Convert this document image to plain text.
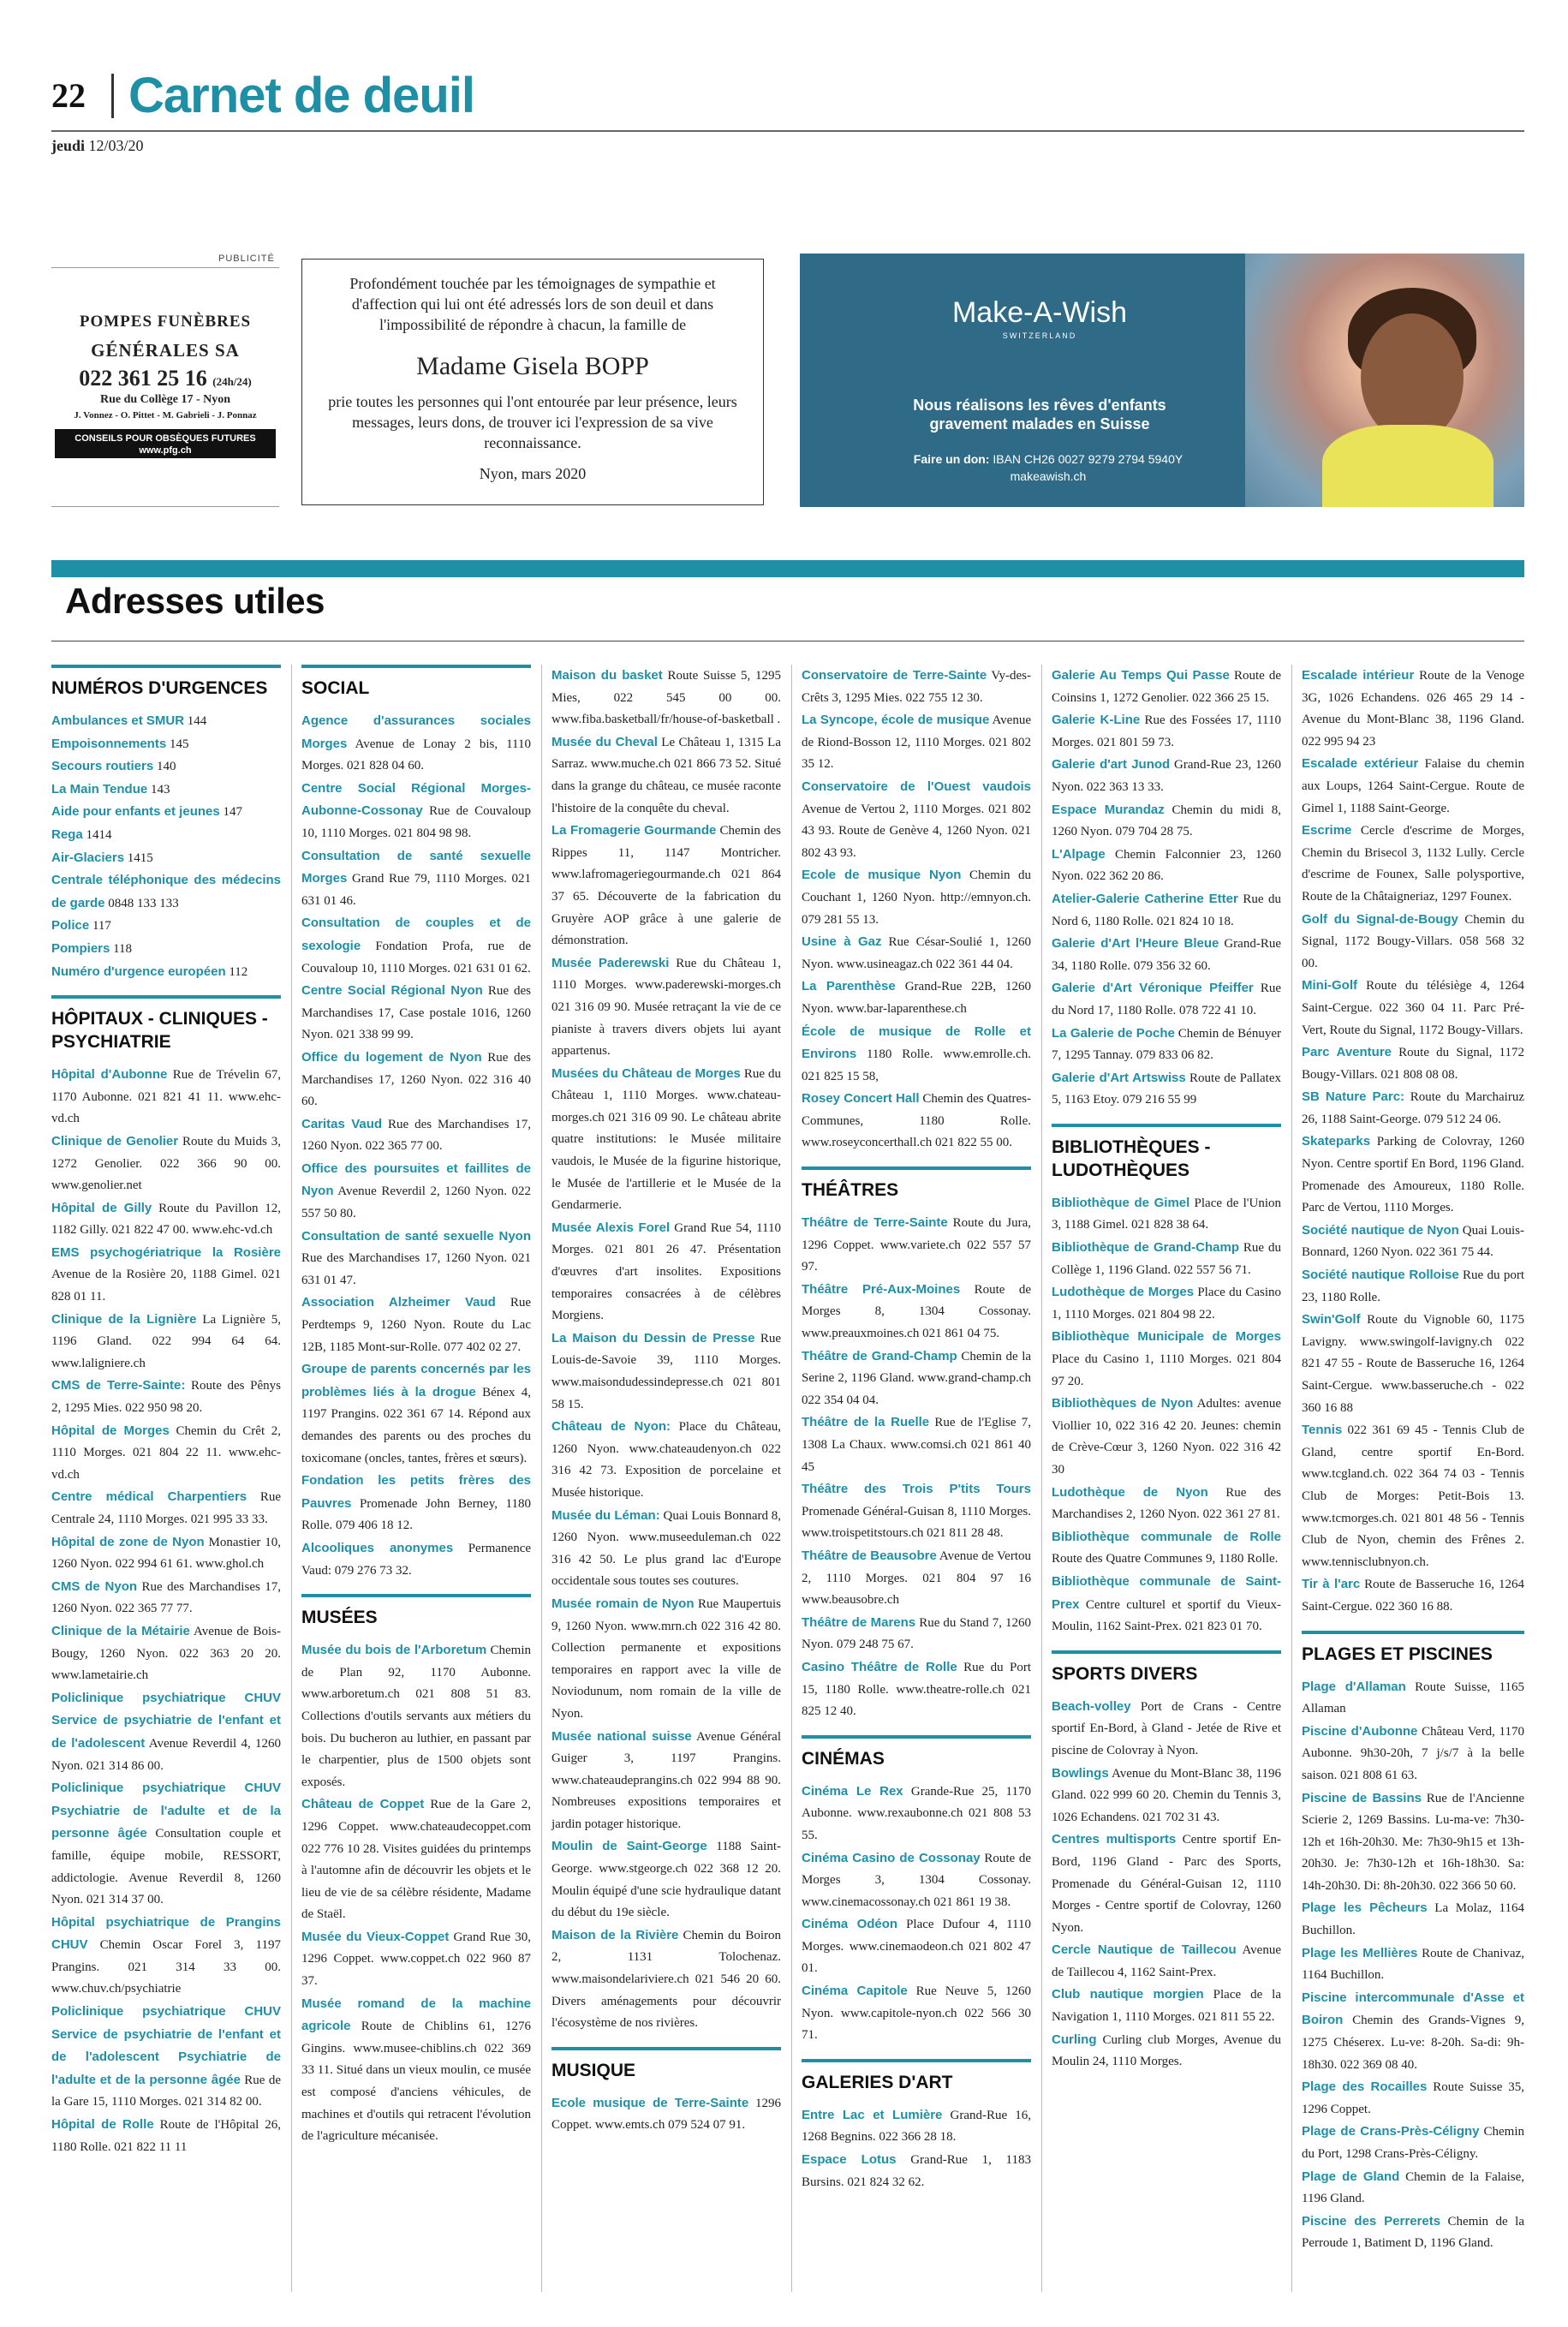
22 Carnet de deuil
jeudi 12/03/20
PUBLICITÉ
POMPES FUNÈBRES
GÉNÉRALES SA
022 361 25 16 (24h/24)
Rue du Collège 17 - Nyon
J. Vonnez - O. Pittet - M. Gabrieli - J. Ponnaz
CONSEILS POUR OBSÈQUES FUTURES
www.pfg.ch
Profondément touchée par les témoignages de sympathie et d'affection qui lui ont été adressés lors de son deuil et dans l'impossibilité de répondre à chacun, la famille de
Madame Gisela BOPP
prie toutes les personnes qui l'ont entourée par leur présence, leurs messages, leurs dons, de trouver ici l'expression de sa vive reconnaissance.
Nyon, mars 2020
Make-A-Wish
SWITZERLAND
Nous réalisons les rêves d'enfants gravement malades en Suisse
Faire un don: IBAN CH26 0027 9279 2794 5940Y
makeawish.ch
Adresses utiles
NUMÉROS D'URGENCES
Ambulances et SMUR 144
Empoisonnements 145
Secours routiers 140
La Main Tendue 143
Aide pour enfants et jeunes 147
Rega 1414
Air-Glaciers 1415
Centrale téléphonique des médecins de garde 0848 133 133
Police 117
Pompiers 118
Numéro d'urgence européen 112
HÔPITAUX - CLINIQUES - PSYCHIATRIE
Hôpital d'Aubonne Rue de Trévelin 67, 1170 Aubonne. 021 821 41 11. www.ehc-vd.ch
Clinique de Genolier Route du Muids 3, 1272 Genolier. 022 366 90 00. www.genolier.net
Hôpital de Gilly Route du Pavillon 12, 1182 Gilly. 021 822 47 00. www.ehc-vd.ch
EMS psychogériatrique la Rosière Avenue de la Rosière 20, 1188 Gimel. 021 828 01 11.
Clinique de la Lignière La Lignière 5, 1196 Gland. 022 994 64 64. www.laligniere.ch
CMS de Terre-Sainte: Route des Pênys 2, 1295 Mies. 022 950 98 20.
Hôpital de Morges Chemin du Crêt 2, 1110 Morges. 021 804 22 11. www.ehc-vd.ch
Centre médical Charpentiers Rue Centrale 24, 1110 Morges. 021 995 33 33.
Hôpital de zone de Nyon Monastier 10, 1260 Nyon. 022 994 61 61. www.ghol.ch
CMS de Nyon Rue des Marchandises 17, 1260 Nyon. 022 365 77 77.
Clinique de la Métairie Avenue de Bois-Bougy, 1260 Nyon. 022 363 20 20. www.lametairie.ch
Policlinique psychiatrique CHUV Service de psychiatrie de l'enfant et de l'adolescent Avenue Reverdil 4, 1260 Nyon. 021 314 86 00.
Policlinique psychiatrique CHUV Psychiatrie de l'adulte et de la personne âgée Consultation couple et famille, équipe mobile, RESSORT, addictologie. Avenue Reverdil 8, 1260 Nyon. 021 314 37 00.
Hôpital psychiatrique de Prangins CHUV Chemin Oscar Forel 3, 1197 Prangins. 021 314 33 00. www.chuv.ch/psychiatrie
Policlinique psychiatrique CHUV Service de psychiatrie de l'enfant et de l'adolescent Psychiatrie de l'adulte et de la personne âgée Rue de la Gare 15, 1110 Morges. 021 314 82 00.
Hôpital de Rolle Route de l'Hôpital 26, 1180 Rolle. 021 822 11 11
SOCIAL
Agence d'assurances sociales Morges Avenue de Lonay 2 bis, 1110 Morges. 021 828 04 60.
Centre Social Régional Morges-Aubonne-Cossonay Rue de Couvaloup 10, 1110 Morges. 021 804 98 98.
Consultation de santé sexuelle Morges Grand Rue 79, 1110 Morges. 021 631 01 46.
Consultation de couples et de sexologie Fondation Profa, rue de Couvaloup 10, 1110 Morges. 021 631 01 62.
Centre Social Régional Nyon Rue des Marchandises 17, Case postale 1016, 1260 Nyon. 021 338 99 99.
Office du logement de Nyon Rue des Marchandises 17, 1260 Nyon. 022 316 40 60.
Caritas Vaud Rue des Marchandises 17, 1260 Nyon. 022 365 77 00.
Office des poursuites et faillites de Nyon Avenue Reverdil 2, 1260 Nyon. 022 557 50 80.
Consultation de santé sexuelle Nyon Rue des Marchandises 17, 1260 Nyon. 021 631 01 47.
Association Alzheimer Vaud Rue Perdtemps 9, 1260 Nyon. Route du Lac 12B, 1185 Mont-sur-Rolle. 077 402 02 27.
Groupe de parents concernés par les problèmes liés à la drogue Bénex 4, 1197 Prangins. 022 361 67 14. Répond aux demandes des parents ou des proches du toxicomane (oncles, tantes, frères et sœurs).
Fondation les petits frères des Pauvres Promenade John Berney, 1180 Rolle. 079 406 18 12.
Alcooliques anonymes Permanence Vaud: 079 276 73 32.
MUSÉES
Musée du bois de l'Arboretum Chemin de Plan 92, 1170 Aubonne. www.arboretum.ch 021 808 51 83. Collections d'outils servants aux métiers du bois. Du bucheron au luthier, en passant par le charpentier, plus de 1500 objets sont exposés.
Château de Coppet Rue de la Gare 2, 1296 Coppet. www.chateaudecoppet.com 022 776 10 28. Visites guidées du printemps à l'automne afin de découvrir les objets et le lieu de vie de sa célèbre résidente, Madame de Staël.
Musée du Vieux-Coppet Grand Rue 30, 1296 Coppet. www.coppet.ch 022 960 87 37.
Musée romand de la machine agricole Route de Chiblins 61, 1276 Gingins. www.musee-chiblins.ch 022 369 33 11. Situé dans un vieux moulin, ce musée est composé d'anciens véhicules, de machines et d'outils qui retracent l'évolution de l'agriculture mécanisée.
Maison du basket Route Suisse 5, 1295 Mies, 022 545 00 00. www.fiba.basketball/fr/house-of-basketball .
Musée du Cheval Le Château 1, 1315 La Sarraz. www.muche.ch 021 866 73 52. Situé dans la grange du château, ce musée raconte l'histoire de la conquête du cheval.
La Fromagerie Gourmande Chemin des Rippes 11, 1147 Montricher. www.lafromageriegourmande.ch 021 864 37 65. Découverte de la fabrication du Gruyère AOP grâce à une galerie de démonstration.
Musée Paderewski Rue du Château 1, 1110 Morges. www.paderewski-morges.ch 021 316 09 90. Musée retraçant la vie de ce pianiste à travers divers objets lui ayant appartenus.
Musées du Château de Morges Rue du Château 1, 1110 Morges. www.chateau-morges.ch 021 316 09 90. Le château abrite quatre institutions: le Musée militaire vaudois, le Musée de la figurine historique, le Musée de l'artillerie et le Musée de la Gendarmerie.
Musée Alexis Forel Grand Rue 54, 1110 Morges. 021 801 26 47. Présentation d'œuvres d'art insolites. Expositions temporaires consacrées à de célèbres Morgiens.
La Maison du Dessin de Presse Rue Louis-de-Savoie 39, 1110 Morges. www.maisondudessindepresse.ch 021 801 58 15.
Château de Nyon: Place du Château, 1260 Nyon. www.chateaudenyon.ch 022 316 42 73. Exposition de porcelaine et Musée historique.
Musée du Léman: Quai Louis Bonnard 8, 1260 Nyon. www.museeduleman.ch 022 316 42 50. Le plus grand lac d'Europe occidentale sous toutes ses coutures.
Musée romain de Nyon Rue Maupertuis 9, 1260 Nyon. www.mrn.ch 022 316 42 80. Collection permanente et expositions temporaires en rapport avec la ville de Noviodunum, nom romain de la ville de Nyon.
Musée national suisse Avenue Général Guiger 3, 1197 Prangins. www.chateaudeprangins.ch 022 994 88 90. Nombreuses expositions temporaires et jardin potager historique.
Moulin de Saint-George 1188 Saint-George. www.stgeorge.ch 022 368 12 20. Moulin équipé d'une scie hydraulique datant du début du 19e siècle.
Maison de la Rivière Chemin du Boiron 2, 1131 Tolochenaz. www.maisondelariviere.ch 021 546 20 60. Divers aménagements pour découvrir l'écosystème de nos rivières.
MUSIQUE
Ecole musique de Terre-Sainte 1296 Coppet. www.emts.ch 079 524 07 91.
Conservatoire de Terre-Sainte Vy-des-Crêts 3, 1295 Mies. 022 755 12 30.
La Syncope, école de musique Avenue de Riond-Bosson 12, 1110 Morges. 021 802 35 12.
Conservatoire de l'Ouest vaudois Avenue de Vertou 2, 1110 Morges. 021 802 43 93. Route de Genève 4, 1260 Nyon. 021 802 43 93.
Ecole de musique Nyon Chemin du Couchant 1, 1260 Nyon. http://emnyon.ch. 079 281 55 13.
Usine à Gaz Rue César-Soulié 1, 1260 Nyon. www.usineagaz.ch 022 361 44 04.
La Parenthèse Grand-Rue 22B, 1260 Nyon. www.bar-laparenthese.ch
École de musique de Rolle et Environs 1180 Rolle. www.emrolle.ch. 021 825 15 58,
Rosey Concert Hall Chemin des Quatres-Communes, 1180 Rolle. www.roseyconcerthall.ch 021 822 55 00.
THÉÂTRES
Théâtre de Terre-Sainte Route du Jura, 1296 Coppet. www.variete.ch 022 557 57 97.
Théâtre Pré-Aux-Moines Route de Morges 8, 1304 Cossonay. www.preauxmoines.ch 021 861 04 75.
Théâtre de Grand-Champ Chemin de la Serine 2, 1196 Gland. www.grand-champ.ch 022 354 04 04.
Théâtre de la Ruelle Rue de l'Eglise 7, 1308 La Chaux. www.comsi.ch 021 861 40 45
Théâtre des Trois P'tits Tours Promenade Général-Guisan 8, 1110 Morges. www.troispetitstours.ch 021 811 28 48.
Théâtre de Beausobre Avenue de Vertou 2, 1110 Morges. 021 804 97 16 www.beausobre.ch
Théâtre de Marens Rue du Stand 7, 1260 Nyon. 079 248 75 67.
Casino Théâtre de Rolle Rue du Port 15, 1180 Rolle. www.theatre-rolle.ch 021 825 12 40.
CINÉMAS
Cinéma Le Rex Grande-Rue 25, 1170 Aubonne. www.rexaubonne.ch 021 808 53 55.
Cinéma Casino de Cossonay Route de Morges 3, 1304 Cossonay. www.cinemacossonay.ch 021 861 19 38.
Cinéma Odéon Place Dufour 4, 1110 Morges. www.cinemaodeon.ch 021 802 47 01.
Cinéma Capitole Rue Neuve 5, 1260 Nyon. www.capitole-nyon.ch 022 566 30 71.
GALERIES D'ART
Entre Lac et Lumière Grand-Rue 16, 1268 Begnins. 022 366 28 18.
Espace Lotus Grand-Rue 1, 1183 Bursins. 021 824 32 62.
Galerie Au Temps Qui Passe Route de Coinsins 1, 1272 Genolier. 022 366 25 15.
Galerie K-Line Rue des Fossées 17, 1110 Morges. 021 801 59 73.
Galerie d'art Junod Grand-Rue 23, 1260 Nyon. 022 363 13 33.
Espace Murandaz Chemin du midi 8, 1260 Nyon. 079 704 28 75.
L'Alpage Chemin Falconnier 23, 1260 Nyon. 022 362 20 86.
Atelier-Galerie Catherine Etter Rue du Nord 6, 1180 Rolle. 021 824 10 18.
Galerie d'Art l'Heure Bleue Grand-Rue 34, 1180 Rolle. 079 356 32 60.
Galerie d'Art Véronique Pfeiffer Rue du Nord 17, 1180 Rolle. 078 722 41 10.
La Galerie de Poche Chemin de Bénuyer 7, 1295 Tannay. 079 833 06 82.
Galerie d'Art Artswiss Route de Pallatex 5, 1163 Etoy. 079 216 55 99
BIBLIOTHÈQUES - LUDOTHÈQUES
Bibliothèque de Gimel Place de l'Union 3, 1188 Gimel. 021 828 38 64.
Bibliothèque de Grand-Champ Rue du Collège 1, 1196 Gland. 022 557 56 71.
Ludothèque de Morges Place du Casino 1, 1110 Morges. 021 804 98 22.
Bibliothèque Municipale de Morges Place du Casino 1, 1110 Morges. 021 804 97 20.
Bibliothèques de Nyon Adultes: avenue Viollier 10, 022 316 42 20. Jeunes: chemin de Crève-Cœur 3, 1260 Nyon. 022 316 42 30
Ludothèque de Nyon Rue des Marchandises 2, 1260 Nyon. 022 361 27 81.
Bibliothèque communale de Rolle Route des Quatre Communes 9, 1180 Rolle.
Bibliothèque communale de Saint-Prex Centre culturel et sportif du Vieux-Moulin, 1162 Saint-Prex. 021 823 01 70.
SPORTS DIVERS
Beach-volley Port de Crans - Centre sportif En-Bord, à Gland - Jetée de Rive et piscine de Colovray à Nyon.
Bowlings Avenue du Mont-Blanc 38, 1196 Gland. 022 999 60 20. Chemin du Tennis 3, 1026 Echandens. 021 702 31 43.
Centres multisports Centre sportif En-Bord, 1196 Gland - Parc des Sports, Promenade du Général-Guisan 12, 1110 Morges - Centre sportif de Colovray, 1260 Nyon.
Cercle Nautique de Taillecou Avenue de Taillecou 4, 1162 Saint-Prex.
Club nautique morgien Place de la Navigation 1, 1110 Morges. 021 811 55 22.
Curling Curling club Morges, Avenue du Moulin 24, 1110 Morges.
Escalade intérieur Route de la Venoge 3G, 1026 Echandens. 026 465 29 14 - Avenue du Mont-Blanc 38, 1196 Gland. 022 995 94 23
Escalade extérieur Falaise du chemin aux Loups, 1264 Saint-Cergue. Route de Gimel 1, 1188 Saint-George.
Escrime Cercle d'escrime de Morges, Chemin du Brisecol 3, 1132 Lully. Cercle d'escrime de Founex, Salle polysportive, Route de la Châtaigneriaz, 1297 Founex.
Golf du Signal-de-Bougy Chemin du Signal, 1172 Bougy-Villars. 058 568 32 00.
Mini-Golf Route du télésiège 4, 1264 Saint-Cergue. 022 360 04 11. Parc Pré-Vert, Route du Signal, 1172 Bougy-Villars.
Parc Aventure Route du Signal, 1172 Bougy-Villars. 021 808 08 08.
SB Nature Parc: Route du Marchairuz 26, 1188 Saint-George. 079 512 24 06.
Skateparks Parking de Colovray, 1260 Nyon. Centre sportif En Bord, 1196 Gland. Promenade des Amoureux, 1180 Rolle. Parc de Vertou, 1110 Morges.
Société nautique de Nyon Quai Louis-Bonnard, 1260 Nyon. 022 361 75 44.
Société nautique Rolloise Rue du port 23, 1180 Rolle.
Swin'Golf Route du Vignoble 60, 1175 Lavigny. www.swingolf-lavigny.ch 022 821 47 55 - Route de Basseruche 16, 1264 Saint-Cergue. www.basseruche.ch - 022 360 16 88
Tennis 022 361 69 45 - Tennis Club de Gland, centre sportif En-Bord. www.tcgland.ch. 022 364 74 03 - Tennis Club de Morges: Petit-Bois 13. www.tcmorges.ch. 021 801 48 56 - Tennis Club de Nyon, chemin des Frênes 2. www.tennisclubnyon.ch.
Tir à l'arc Route de Basseruche 16, 1264 Saint-Cergue. 022 360 16 88.
PLAGES ET PISCINES
Plage d'Allaman Route Suisse, 1165 Allaman
Piscine d'Aubonne Château Verd, 1170 Aubonne. 9h30-20h, 7 j/s/7 à la belle saison. 021 808 61 63.
Piscine de Bassins Rue de l'Ancienne Scierie 2, 1269 Bassins. Lu-ma-ve: 7h30-12h et 16h-20h30. Me: 7h30-9h15 et 13h-20h30. Je: 7h30-12h et 16h-18h30. Sa: 14h-20h30. Di: 8h-20h30. 022 366 50 60.
Plage les Pêcheurs La Molaz, 1164 Buchillon.
Plage les Mellières Route de Chanivaz, 1164 Buchillon.
Piscine intercommunale d'Asse et Boiron Chemin des Grands-Vignes 9, 1275 Chéserex. Lu-ve: 8-20h. Sa-di: 9h-18h30. 022 369 08 40.
Plage des Rocailles Route Suisse 35, 1296 Coppet.
Plage de Crans-Près-Céligny Chemin du Port, 1298 Crans-Près-Céligny.
Plage de Gland Chemin de la Falaise, 1196 Gland.
Piscine des Perrerets Chemin de la Perroude 1, Batiment D, 1196 Gland.
